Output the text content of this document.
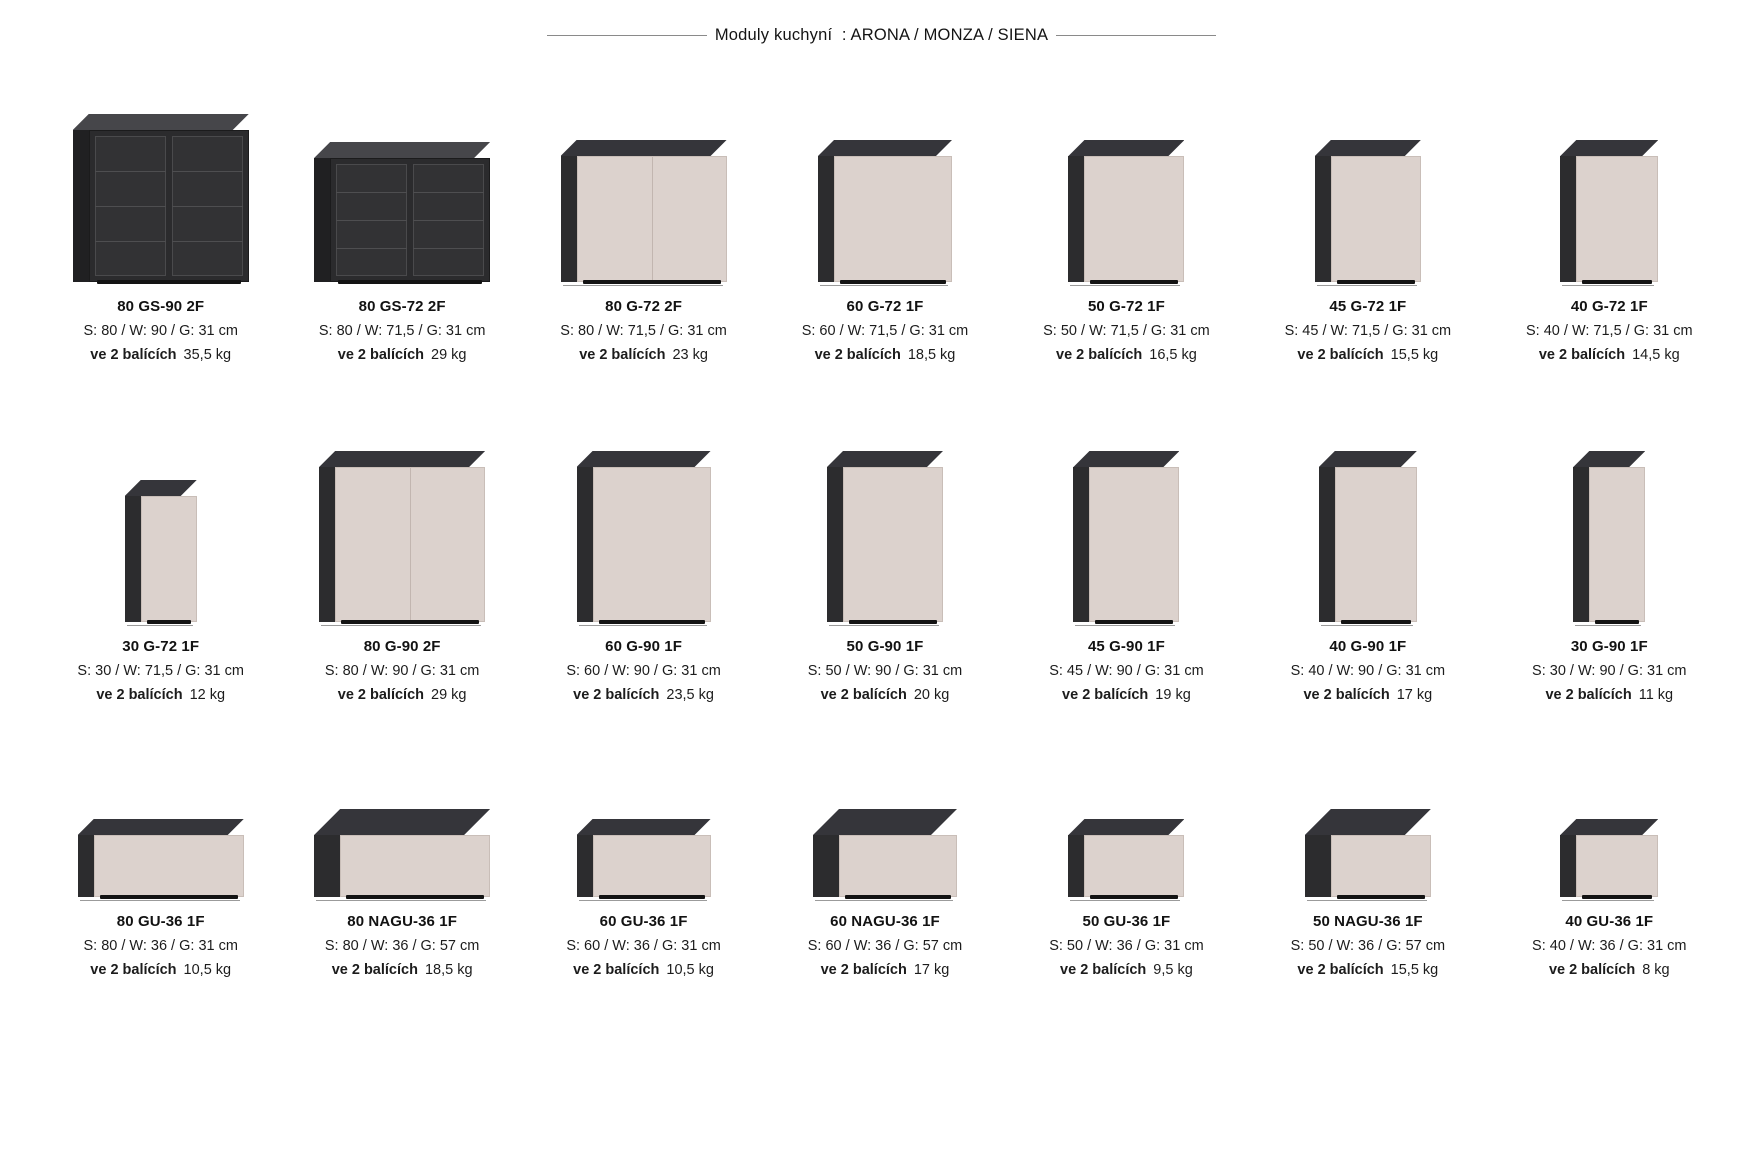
Moduly kuchyní  : ARONA / MONZA / SIENA
80 GS-90 2F
S: 80 / W: 90 / G: 31 cm
ve 2 balících 35,5 kg
80 GS-72 2F
S: 80 / W: 71,5 / G: 31 cm
ve 2 balících 29 kg
80 G-72 2F
S: 80 / W: 71,5 / G: 31 cm
ve 2 balících 23 kg
60 G-72 1F
S: 60 / W: 71,5 / G: 31 cm
ve 2 balících 18,5 kg
50 G-72 1F
S: 50 / W: 71,5 / G: 31 cm
ve 2 balících 16,5 kg
45 G-72 1F
S: 45 / W: 71,5 / G: 31 cm
ve 2 balících 15,5 kg
40 G-72 1F
S: 40 / W: 71,5 / G: 31 cm
ve 2 balících 14,5 kg
30 G-72 1F
S: 30 / W: 71,5 / G: 31 cm
ve 2 balících 12 kg
80 G-90 2F
S: 80 / W: 90 / G: 31 cm
ve 2 balících 29 kg
60 G-90 1F
S: 60 / W: 90 / G: 31 cm
ve 2 balících 23,5 kg
50 G-90 1F
S: 50 / W: 90 / G: 31 cm
ve 2 balících 20 kg
45 G-90 1F
S: 45 / W: 90 / G: 31 cm
ve 2 balících 19 kg
40 G-90 1F
S: 40 / W: 90 / G: 31 cm
ve 2 balících 17 kg
30 G-90 1F
S: 30 / W: 90 / G: 31 cm
ve 2 balících 11 kg
80 GU-36 1F
S: 80 / W: 36 / G: 31 cm
ve 2 balících 10,5 kg
80 NAGU-36 1F
S: 80 / W: 36 / G: 57 cm
ve 2 balících 18,5 kg
60 GU-36 1F
S: 60 / W: 36 / G: 31 cm
ve 2 balících 10,5 kg
60 NAGU-36 1F
S: 60 / W: 36 / G: 57 cm
ve 2 balících 17 kg
50 GU-36 1F
S: 50 / W: 36 / G: 31 cm
ve 2 balících 9,5 kg
50 NAGU-36 1F
S: 50 / W: 36 / G: 57 cm
ve 2 balících 15,5 kg
40 GU-36 1F
S: 40 / W: 36 / G: 31 cm
ve 2 balících 8 kg
